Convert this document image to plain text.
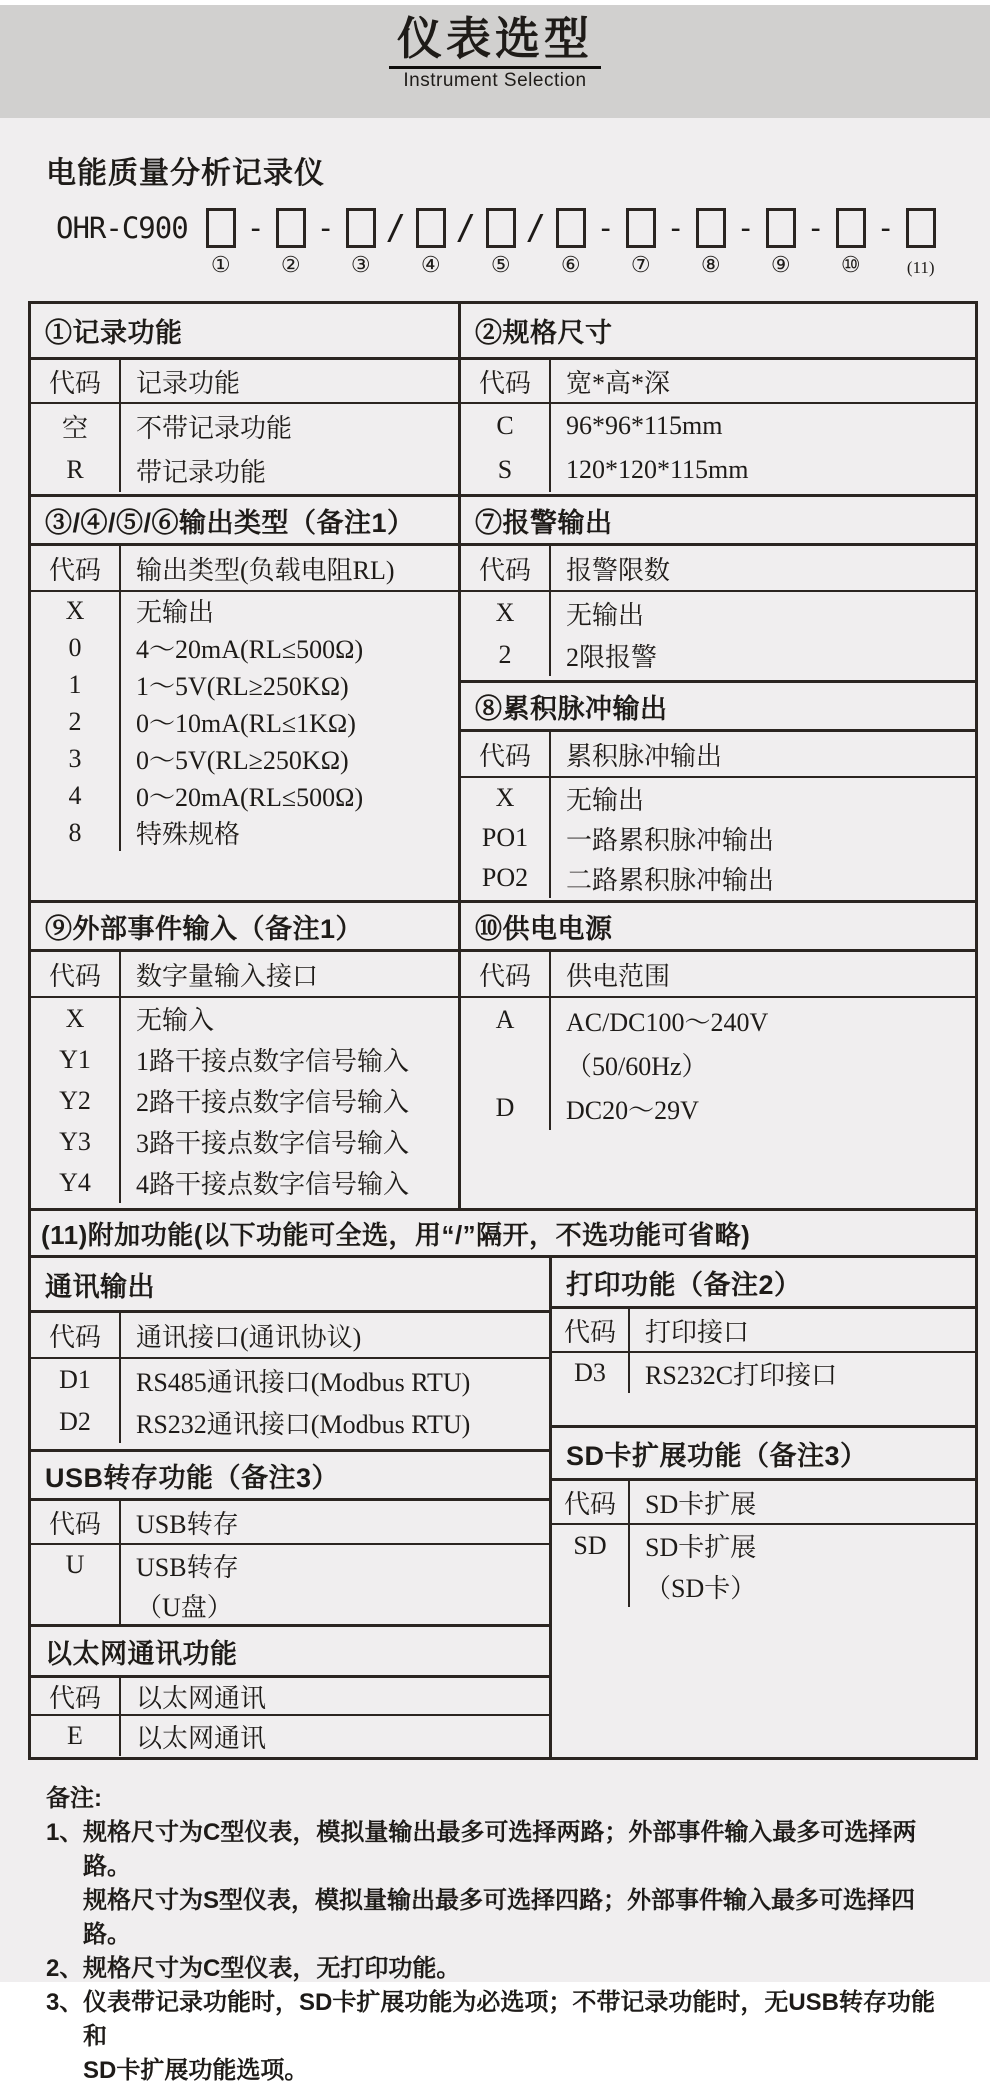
仪表选型
Instrument Selection
电能质量分析记录仪
OHR-C900
①
-
②
-
③
/
④
/
⑤
/
⑥
-
⑦
-
⑧
-
⑨
-
⑩
-
(11)
①记录功能
代码	记录功能
空	不带记录功能
R	带记录功能
③/④/⑤/⑥输出类型（备注1）
代码	输出类型(负载电阻RL)
X	无输出
0	4～20mA(RL≤500Ω)
1	1～5V(RL≥250KΩ)
2	0～10mA(RL≤1KΩ)
3	0～5V(RL≥250KΩ)
4	0～20mA(RL≤500Ω)
8	特殊规格
⑨外部事件输入（备注1）
代码	数字量输入接口
X	无输入
Y1	1路干接点数字信号输入
Y2	2路干接点数字信号输入
Y3	3路干接点数字信号输入
Y4	4路干接点数字信号输入
②规格尺寸
代码	宽*高*深
C	96*96*115mm
S	120*120*115mm
⑦报警输出
代码	报警限数
X	无输出
2	2限报警
⑧累积脉冲输出
代码	累积脉冲输出
X	无输出
PO1	一路累积脉冲输出
PO2	二路累积脉冲输出
⑩供电电源
代码	供电范围
A	AC/DC100～240V
（50/60Hz）
D	DC20～29V
(11)附加功能(以下功能可全选，用“/”隔开，不选功能可省略)
通讯输出
代码	通讯接口(通讯协议)
D1	RS485通讯接口(Modbus RTU)
D2	RS232通讯接口(Modbus RTU)
USB转存功能（备注3）
代码	USB转存
U	USB转存
（U盘）
以太网通讯功能
代码	以太网通讯
E	以太网通讯
打印功能（备注2）
代码	打印接口
D3	RS232C打印接口
SD卡扩展功能（备注3）
代码	SD卡扩展
SD	SD卡扩展
（SD卡）
备注:
1、 规格尺寸为C型仪表，模拟量输出最多可选择两路；外部事件输入最多可选择两路。
规格尺寸为S型仪表，模拟量输出最多可选择四路；外部事件输入最多可选择四路。
2、 规格尺寸为C型仪表，无打印功能。
3、 仪表带记录功能时，SD卡扩展功能为必选项；不带记录功能时，无USB转存功能和
SD卡扩展功能选项。
